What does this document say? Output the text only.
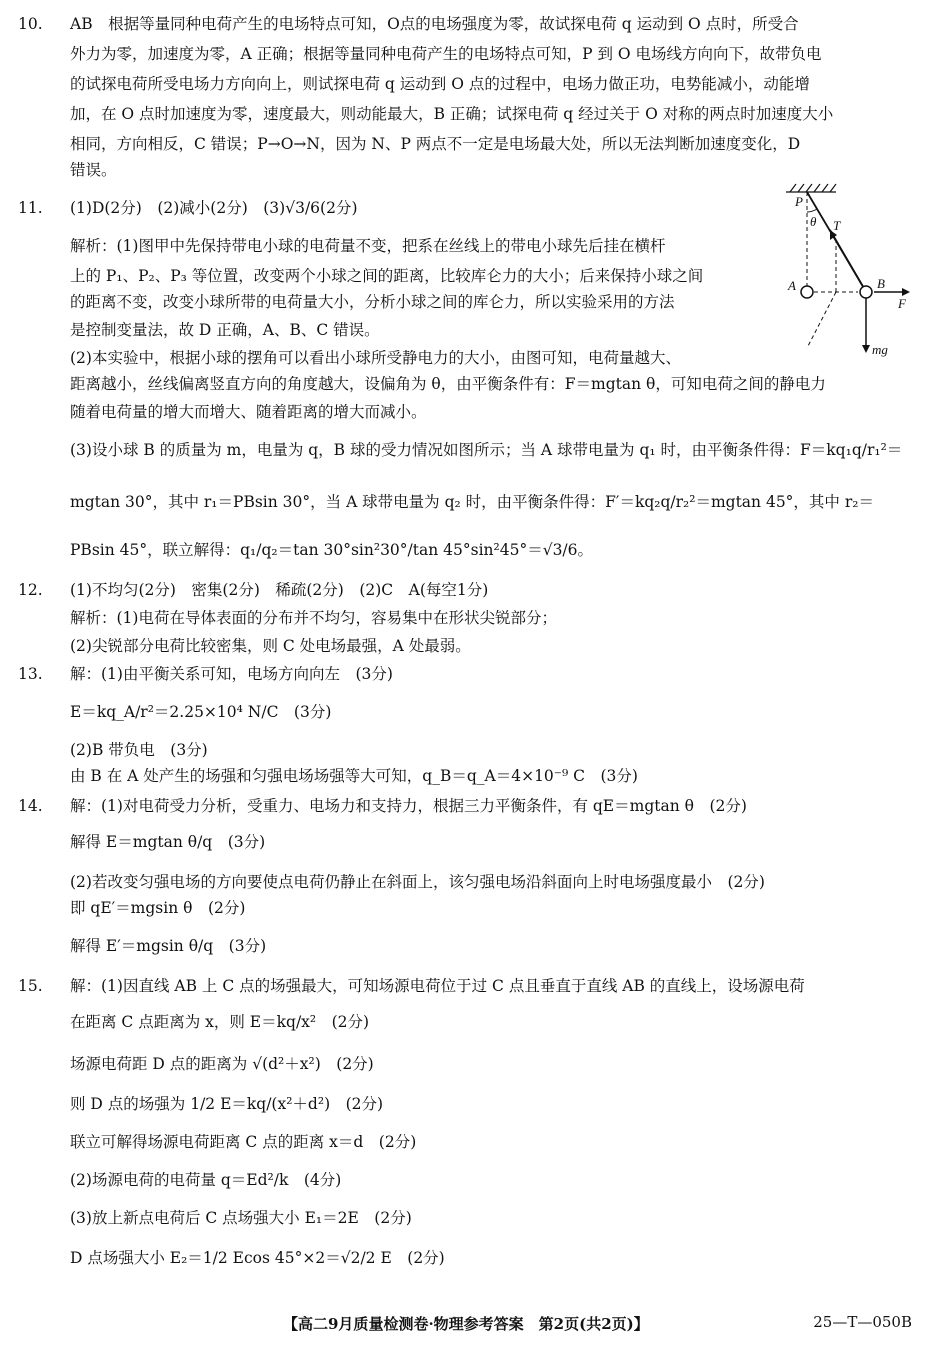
10. AB　根据等量同种电荷产生的电场特点可知，O点的电场强度为零，故试探电荷 q 运动到 O 点时，所受合
外力为零，加速度为零，A 正确；根据等量同种电荷产生的电场特点可知，P 到 O 电场线方向向下，故带负电
的试探电荷所受电场力方向向上，则试探电荷 q 运动到 O 点的过程中，电场力做正功，电势能减小，动能增
加，在 O 点时加速度为零，速度最大，则动能最大，B 正确；试探电荷 q 经过关于 O 对称的两点时加速度大小
相同，方向相反，C 错误；P→O→N，因为 N、P 两点不一定是电场最大处，所以无法判断加速度变化，D
错误。
11. (1)D(2分)　(2)减小(2分)　(3)√3/6(2分)
解析：(1)图甲中先保持带电小球的电荷量不变，把系在丝线上的带电小球先后挂在横杆
上的 P₁、P₂、P₃ 等位置，改变两个小球之间的距离，比较库仑力的大小；后来保持小球之间
的距离不变，改变小球所带的电荷量大小，分析小球之间的库仑力，所以实验采用的方法
是控制变量法，故 D 正确，A、B、C 错误。
(2)本实验中，根据小球的摆角可以看出小球所受静电力的大小，由图可知，电荷量越大、
距离越小，丝线偏离竖直方向的角度越大，设偏角为 θ，由平衡条件有：F＝mgtan θ，可知电荷之间的静电力
随着电荷量的增大而增大、随着距离的增大而减小。
(3)设小球 B 的质量为 m，电量为 q，B 球的受力情况如图所示；当 A 球带电量为 q₁ 时，由平衡条件得：F＝kq₁q/r₁²＝
mgtan 30°，其中 r₁＝PBsin 30°，当 A 球带电量为 q₂ 时，由平衡条件得：F′＝kq₂q/r₂²＝mgtan 45°，其中 r₂＝
PBsin 45°，联立解得：q₁/q₂＝tan 30°sin²30°/tan 45°sin²45°＝√3/6。
P
θ T
A	B
F
mg
12. (1)不均匀(2分)　密集(2分)　稀疏(2分)　(2)C　A(每空1分)
解析：(1)电荷在导体表面的分布并不均匀，容易集中在形状尖锐部分；
(2)尖锐部分电荷比较密集，则 C 处电场最强，A 处最弱。
13. 解：(1)由平衡关系可知，电场方向向左　(3分)
E＝kq_A/r²＝2.25×10⁴ N/C　(3分)
(2)B 带负电　(3分)
由 B 在 A 处产生的场强和匀强电场场强等大可知，q_B＝q_A＝4×10⁻⁹ C　(3分)
14. 解：(1)对电荷受力分析，受重力、电场力和支持力，根据三力平衡条件，有 qE＝mgtan θ　(2分)
解得 E＝mgtan θ/q　(3分)
(2)若改变匀强电场的方向要使点电荷仍静止在斜面上，该匀强电场沿斜面向上时电场强度最小　(2分)
即 qE′＝mgsin θ　(2分)
解得 E′＝mgsin θ/q　(3分)
15. 解：(1)因直线 AB 上 C 点的场强最大，可知场源电荷位于过 C 点且垂直于直线 AB 的直线上，设场源电荷
在距离 C 点距离为 x，则 E＝kq/x²　(2分)
场源电荷距 D 点的距离为 √(d²＋x²)　(2分)
则 D 点的场强为 1/2 E＝kq/(x²＋d²)　(2分)
联立可解得场源电荷距离 C 点的距离 x＝d　(2分)
(2)场源电荷的电荷量 q＝Ed²/k　(4分)
(3)放上新点电荷后 C 点场强大小 E₁＝2E　(2分)
D 点场强大小 E₂＝1/2 Ecos 45°×2＝√2/2 E　(2分)
【高二9月质量检测卷·物理参考答案　第2页(共2页)】	25—T—050B
